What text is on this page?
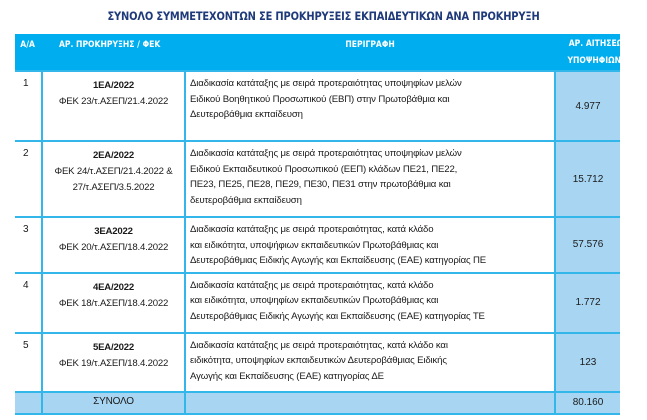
ΣΥΝΟΛΟ ΣΥΜΜΕΤΕΧΟΝΤΩΝ ΣΕ ΠΡΟΚΗΡΥΞΕΙΣ ΕΚΠΑΙΔΕΥΤΙΚΩΝ ΑΝΑ ΠΡΟΚΗΡΥΞΗ
Α/Α	ΑΡ. ΠΡΟΚΗΡΥΞΗΣ / ΦΕΚ	ΠΕΡΙΓΡΑΦΗ	ΑΡ. ΑΙΤΗΣΕΩΝ
ΥΠΟΨΗΦΙΩΝ
1	1ΕΑ/2022
ΦΕΚ 23/τ.ΑΣΕΠ/21.4.2022

Διαδικασία κατάταξης με σειρά προτεραιότητας υποψηφίων μελών
Ειδικού Βοηθητικού Προσωπικού (ΕΒΠ) στην Πρωτοβάθμια και
Δευτεροβάθμια εκπαίδευση
	4.977
2	2ΕΑ/2022
ΦΕΚ 24/τ.ΑΣΕΠ/21.4.2022 &
27/τ.ΑΣΕΠ/3.5.2022

Διαδικασία κατάταξης με σειρά προτεραιότητας υποψηφίων μελών
Ειδικού Εκπαιδευτικού Προσωπικού (ΕΕΠ) κλάδων ΠΕ21, ΠΕ22,
ΠΕ23, ΠΕ25, ΠΕ28, ΠΕ29, ΠΕ30, ΠΕ31 στην πρωτοβάθμια και
δευτεροβάθμια εκπαίδευση
	15.712
3	3ΕΑ2022
ΦΕΚ 20/τ.ΑΣΕΠ/18.4.2022

Διαδικασία κατάταξης με σειρά προτεραιότητας, κατά κλάδο
και ειδικότητα, υποψήφιων εκπαιδευτικών Πρωτοβάθμιας και
Δευτεροβάθμιας Ειδικής Αγωγής και Εκπαίδευσης (ΕΑΕ) κατηγορίας ΠΕ
	57.576
4	4ΕΑ/2022
ΦΕΚ 18/τ.ΑΣΕΠ/18.4.2022

Διαδικασία κατάταξης με σειρά προτεραιότητας, κατά κλάδο
και ειδικότητα, υποψηφίων εκπαιδευτικών Πρωτοβάθμιας και
Δευτεροβάθμιας Ειδικής Αγωγής και Εκπαίδευσης (ΕΑΕ) κατηγορίας ΤΕ
	1.772
5	5ΕΑ/2022
ΦΕΚ 19/τ.ΑΣΕΠ/18.4.2022

Διαδικασία κατάταξης με σειρά προτεραιότητας, κατά κλάδο και
ειδικότητα, υποψηφίων εκπαιδευτικών Δευτεροβάθμιας Ειδικής
Αγωγής και Εκπαίδευσης (ΕΑΕ) κατηγορίας ΔΕ
	123
	ΣΥΝΟΛΟ		80.160
